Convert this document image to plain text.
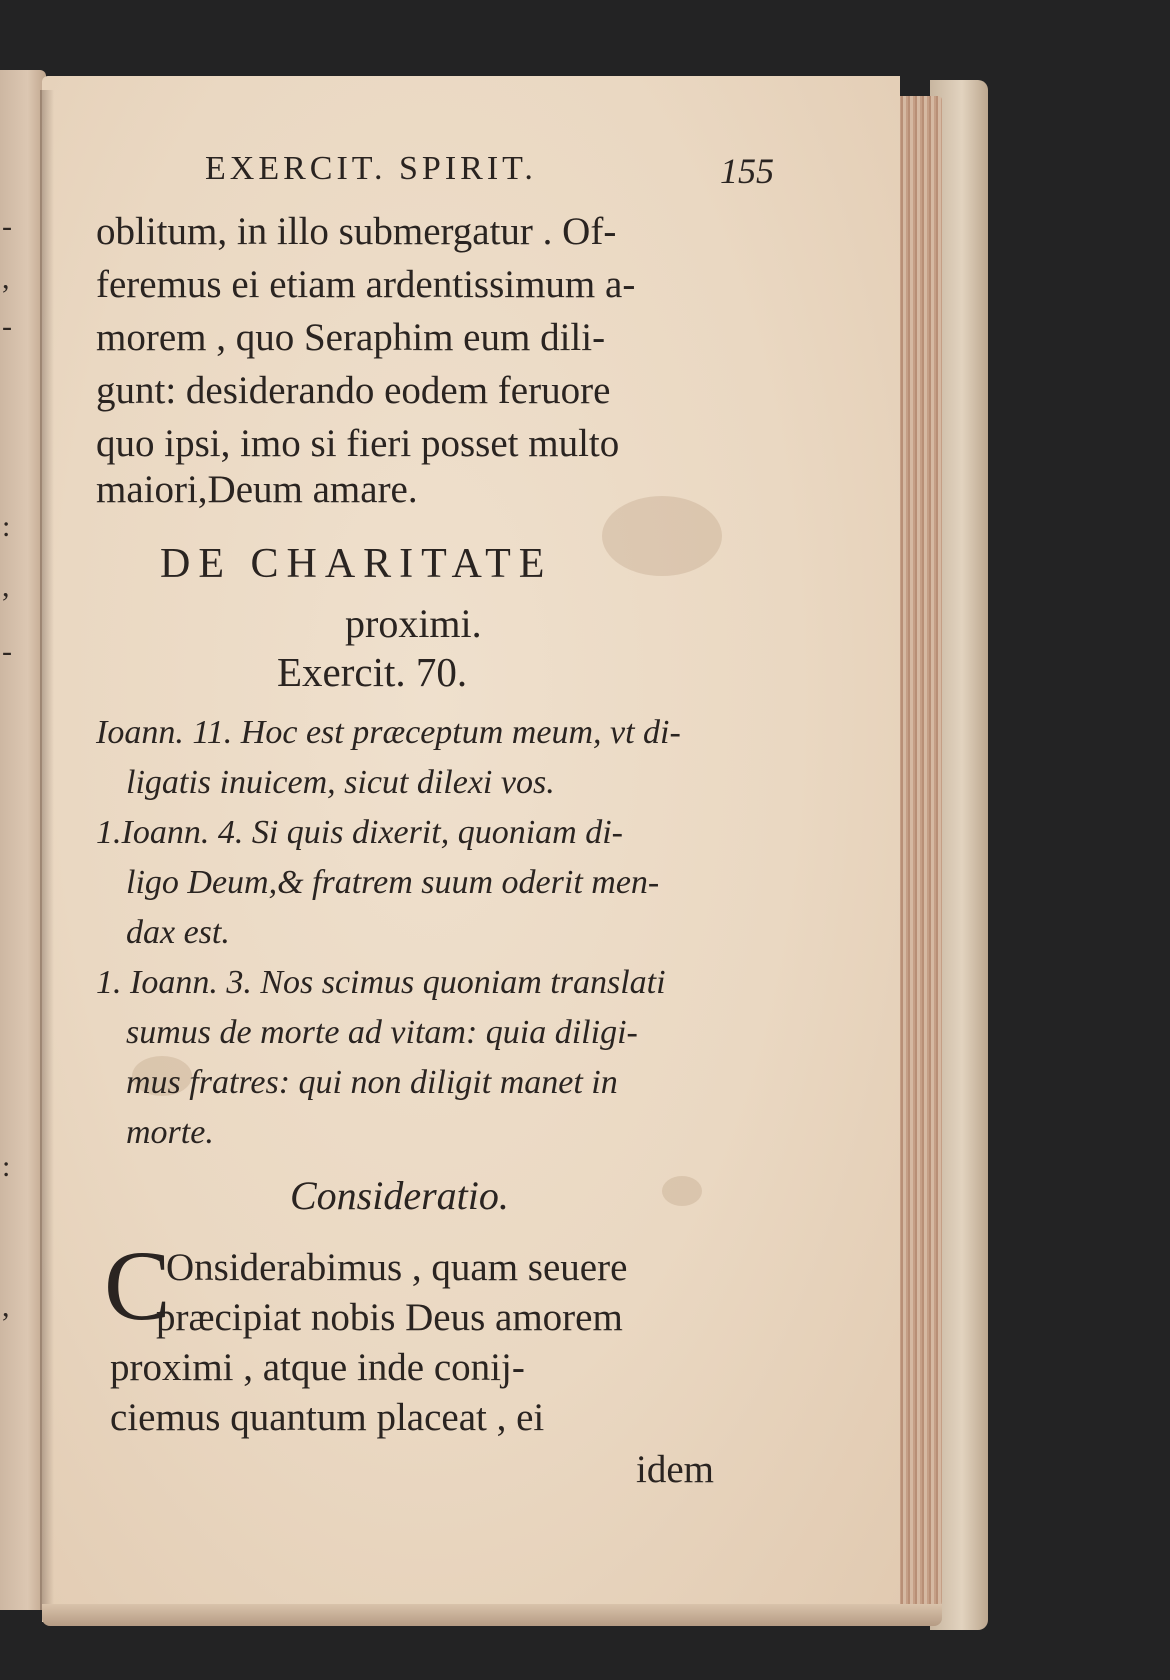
-
,
-
:
,
-
:
,
EXERCIT. SPIRIT.	155
oblitum, in illo submergatur . Of-
feremus ei etiam ardentissimum a-
morem , quo Seraphim eum dili-
gunt: desiderando eodem feruore
quo ipsi, imo si fieri posset multo
maiori,Deum amare.
DE CHARITATE
proximi.
Exercit. 70.
Ioann. 11. Hoc est præceptum meum, vt di-
ligatis inuicem, sicut dilexi vos.
1.Ioann. 4. Si quis dixerit, quoniam di-
ligo Deum,& fratrem suum oderit men-
dax est.
1. Ioann. 3. Nos scimus quoniam translati
sumus de morte ad vitam: quia diligi-
mus fratres: qui non diligit manet in
morte.
Consideratio.
C
Onsiderabimus , quam seuere
præcipiat nobis Deus amorem
proximi , atque inde conij-
ciemus quantum placeat , ei
idem
